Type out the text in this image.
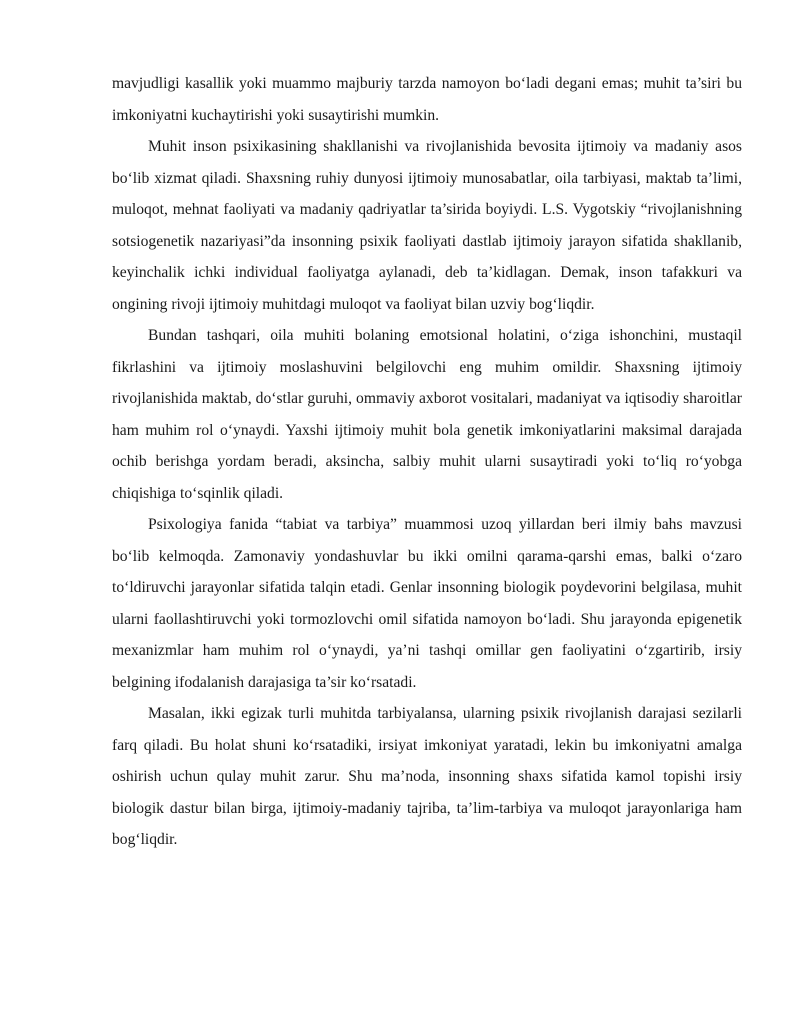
mavjudligi kasallik yoki muammo majburiy tarzda namoyon bo‘ladi degani emas; muhit ta’siri bu imkoniyatni kuchaytirishi yoki susaytirishi mumkin.

Muhit inson psixikasining shakllanishi va rivojlanishida bevosita ijtimoiy va madaniy asos bo‘lib xizmat qiladi. Shaxsning ruhiy dunyosi ijtimoiy munosabatlar, oila tarbiyasi, maktab ta’limi, muloqot, mehnat faoliyati va madaniy qadriyatlar ta’sirida boyiydi. L.S. Vygotskiy “rivojlanishning sotsiogenetik nazariyasi”da insonning psixik faoliyati dastlab ijtimoiy jarayon sifatida shakllanib, keyinchalik ichki individual faoliyatga aylanadi, deb ta’kidlagan. Demak, inson tafakkuri va ongining rivoji ijtimoiy muhitdagi muloqot va faoliyat bilan uzviy bog‘liqdir.

Bundan tashqari, oila muhiti bolaning emotsional holatini, o‘ziga ishonchini, mustaqil fikrlashini va ijtimoiy moslashuvini belgilovchi eng muhim omildir. Shaxsning ijtimoiy rivojlanishida maktab, do‘stlar guruhi, ommaviy axborot vositalari, madaniyat va iqtisodiy sharoitlar ham muhim rol o‘ynaydi. Yaxshi ijtimoiy muhit bola genetik imkoniyatlarini maksimal darajada ochib berishga yordam beradi, aksincha, salbiy muhit ularni susaytiradi yoki to‘liq ro‘yobga chiqishiga to‘sqinlik qiladi.

Psixologiya fanida “tabiat va tarbiya” muammosi uzoq yillardan beri ilmiy bahs mavzusi bo‘lib kelmoqda. Zamonaviy yondashuvlar bu ikki omilni qarama-qarshi emas, balki o‘zaro to‘ldiruvchi jarayonlar sifatida talqin etadi. Genlar insonning biologik poydevorini belgilasa, muhit ularni faollashtiruvchi yoki tormozlovchi omil sifatida namoyon bo‘ladi. Shu jarayonda epigenetik mexanizmlar ham muhim rol o‘ynaydi, ya’ni tashqi omillar gen faoliyatini o‘zgartirib, irsiy belgining ifodalanish darajasiga ta’sir ko‘rsatadi.

Masalan, ikki egizak turli muhitda tarbiyalansa, ularning psixik rivojlanish darajasi sezilarli farq qiladi. Bu holat shuni ko‘rsatadiki, irsiyat imkoniyat yaratadi, lekin bu imkoniyatni amalga oshirish uchun qulay muhit zarur. Shu ma’noda, insonning shaxs sifatida kamol topishi irsiy biologik dastur bilan birga, ijtimoiy-madaniy tajriba, ta’lim-tarbiya va muloqot jarayonlariga ham bog‘liqdir.
